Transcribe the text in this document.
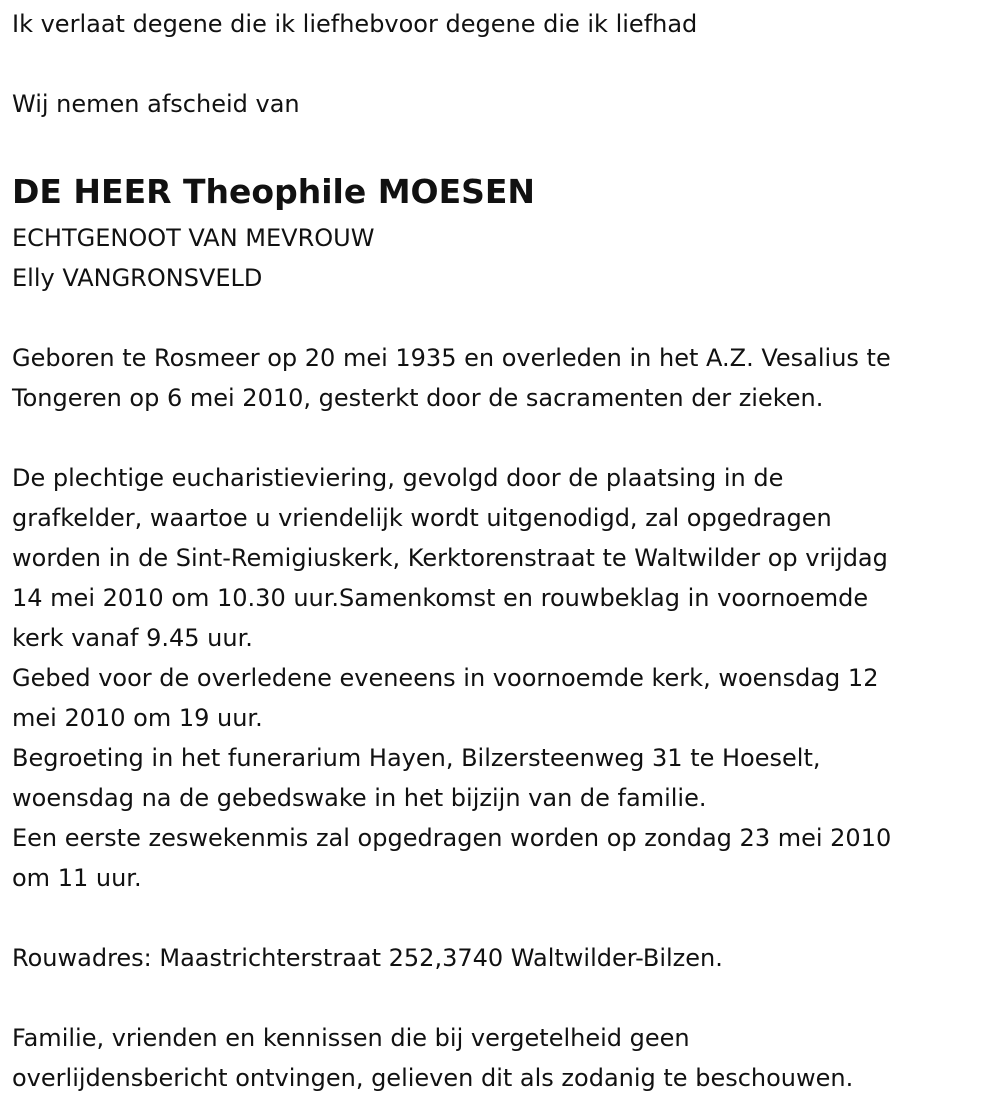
Ik verlaat degene die ik liefhebvoor degene die ik liefhad
Wij nemen afscheid van
DE HEER Theophile MOESEN
ECHTGENOOT VAN MEVROUW
Elly VANGRONSVELD
Geboren te Rosmeer op 20 mei 1935 en overleden in het A.Z. Vesalius te
Tongeren op 6 mei 2010, gesterkt door de sacramenten der zieken.
De plechtige eucharistieviering, gevolgd door de plaatsing in de
grafkelder, waartoe u vriendelijk wordt uitgenodigd, zal opgedragen
worden in de Sint-Remigiuskerk, Kerktorenstraat te Waltwilder op vrijdag
14 mei 2010 om 10.30 uur.Samenkomst en rouwbeklag in voornoemde
kerk vanaf 9.45 uur.
Gebed voor de overledene eveneens in voornoemde kerk, woensdag 12
mei 2010 om 19 uur.
Begroeting in het funerarium Hayen, Bilzersteenweg 31 te Hoeselt,
woensdag na de gebedswake in het bijzijn van de familie.
Een eerste zeswekenmis zal opgedragen worden op zondag 23 mei 2010
om 11 uur.
Rouwadres: Maastrichterstraat 252,3740 Waltwilder-Bilzen.
Familie, vrienden en kennissen die bij vergetelheid geen
overlijdensbericht ontvingen, gelieven dit als zodanig te beschouwen.
